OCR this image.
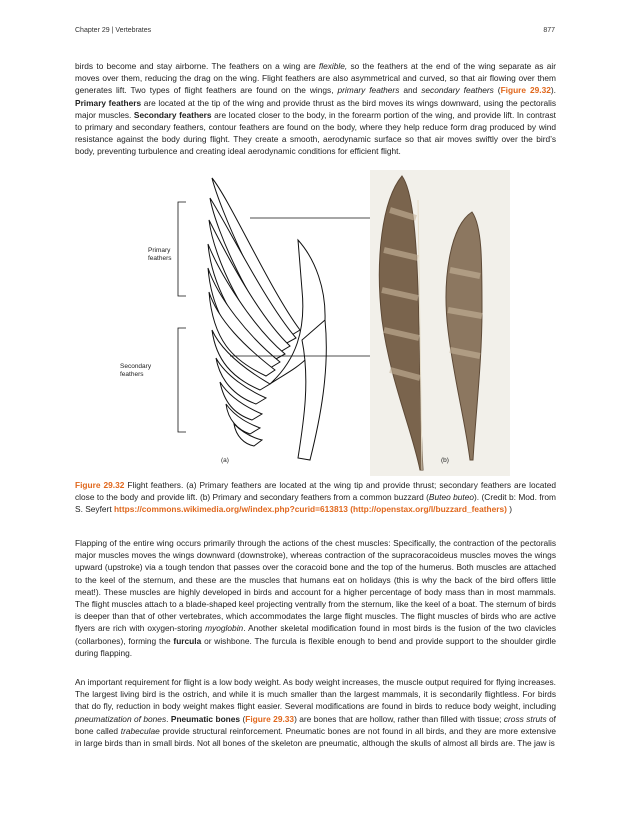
Chapter 29 | Vertebrates	877

birds to become and stay airborne. The feathers on a wing are flexible, so the feathers at the end of the wing separate as air moves over them, reducing the drag on the wing. Flight feathers are also asymmetrical and curved, so that air flowing over them generates lift. Two types of flight feathers are found on the wings, primary feathers and secondary feathers (Figure 29.32). Primary feathers are located at the tip of the wing and provide thrust as the bird moves its wings downward, using the pectoralis major muscles. Secondary feathers are located closer to the body, in the forearm portion of the wing, and provide lift. In contrast to primary and secondary feathers, contour feathers are found on the body, where they help reduce form drag produced by wind resistance against the body during flight. They create a smooth, aerodynamic surface so that air moves swiftly over the bird’s body, preventing turbulence and creating ideal aerodynamic conditions for efficient flight.

Primary
feathers
Secondary
feathers
(a)	(b)

Figure 29.32 Flight feathers. (a) Primary feathers are located at the wing tip and provide thrust; secondary feathers are located close to the body and provide lift. (b) Primary and secondary feathers from a common buzzard (Buteo buteo). (Credit b: Mod. from S. Seyfert https://commons.wikimedia.org/w/index.php?curid=613813 (http://openstax.org/l/buzzard_feathers) )

Flapping of the entire wing occurs primarily through the actions of the chest muscles: Specifically, the contraction of the pectoralis major muscles moves the wings downward (downstroke), whereas contraction of the supracoracoideus muscles moves the wings upward (upstroke) via a tough tendon that passes over the coracoid bone and the top of the humerus. Both muscles are attached to the keel of the sternum, and these are the muscles that humans eat on holidays (this is why the back of the bird offers little meat!). These muscles are highly developed in birds and account for a higher percentage of body mass than in most mammals. The flight muscles attach to a blade-shaped keel projecting ventrally from the sternum, like the keel of a boat. The sternum of birds is deeper than that of other vertebrates, which accommodates the large flight muscles. The flight muscles of birds who are active flyers are rich with oxygen-storing myoglobin. Another skeletal modification found in most birds is the fusion of the two clavicles (collarbones), forming the furcula or wishbone. The furcula is flexible enough to bend and provide support to the shoulder girdle during flapping.

An important requirement for flight is a low body weight. As body weight increases, the muscle output required for flying increases. The largest living bird is the ostrich, and while it is much smaller than the largest mammals, it is secondarily flightless. For birds that do fly, reduction in body weight makes flight easier. Several modifications are found in birds to reduce body weight, including pneumatization of bones. Pneumatic bones (Figure 29.33) are bones that are hollow, rather than filled with tissue; cross struts of bone called trabeculae provide structural reinforcement. Pneumatic bones are not found in all birds, and they are more extensive in large birds than in small birds. Not all bones of the skeleton are pneumatic, although the skulls of almost all birds are. The jaw is
